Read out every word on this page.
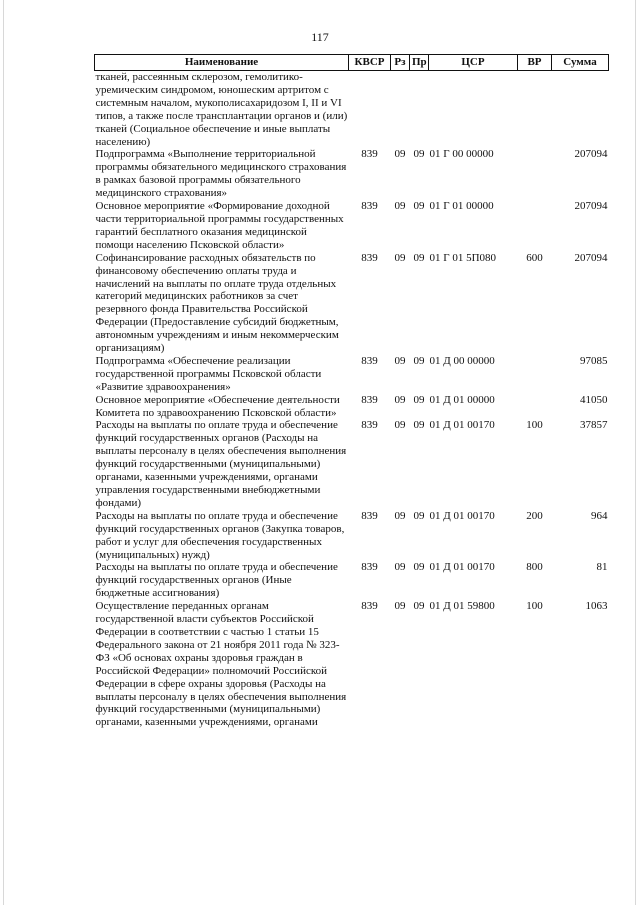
117
Наименование	КВСР	Рз	Пр	ЦСР	ВР	Сумма
тканей, рассеянным склерозом, гемолитико-уремическим синдромом, юношеским артритом с системным началом, мукополисахаридозом I, II и VI типов, а также после трансплантации органов и (или) тканей (Социальное обеспечение и иные выплаты населению)						
Подпрограмма «Выполнение территориальной программы обязательного медицинского страхования в рамках базовой программы обязательного медицинского страхования»	839	09	09	01 Г 00 00000		207094
Основное мероприятие «Формирование доходной части территориальной программы государственных гарантий бесплатного оказания медицинской помощи населению Псковской области»	839	09	09	01 Г 01 00000		207094
Софинансирование расходных обязательств по финансовому обеспечению оплаты труда и начислений на выплаты по оплате труда отдельных категорий медицинских работников за счет резервного фонда Правительства Российской Федерации (Предоставление субсидий бюджетным, автономным учреждениям и иным некоммерческим организациям)	839	09	09	01 Г 01 5П080	600	207094
Подпрограмма «Обеспечение реализации государственной программы Псковской области «Развитие здравоохранения»	839	09	09	01 Д 00 00000		97085
Основное мероприятие «Обеспечение деятельности Комитета по здравоохранению Псковской области»	839	09	09	01 Д 01 00000		41050
Расходы на выплаты по оплате труда и обеспечение функций государственных органов (Расходы на выплаты персоналу в целях обеспечения выполнения функций государственными (муниципальными) органами, казенными учреждениями, органами управления государственными внебюджетными фондами)	839	09	09	01 Д 01 00170	100	37857
Расходы на выплаты по оплате труда и обеспечение функций государственных органов (Закупка товаров, работ и услуг для обеспечения государственных (муниципальных) нужд)	839	09	09	01 Д 01 00170	200	964
Расходы на выплаты по оплате труда и обеспечение функций государственных органов (Иные бюджетные ассигнования)	839	09	09	01 Д 01 00170	800	81
Осуществление переданных органам государственной власти субъектов Российской Федерации в соответствии с частью 1 статьи 15 Федерального закона от 21 ноября 2011 года № 323-ФЗ «Об основах охраны здоровья граждан в Российской Федерации» полномочий Российской Федерации в сфере охраны здоровья (Расходы на выплаты персоналу в целях обеспечения выполнения функций государственными (муниципальными) органами, казенными учреждениями, органами	839	09	09	01 Д 01 59800	100	1063
